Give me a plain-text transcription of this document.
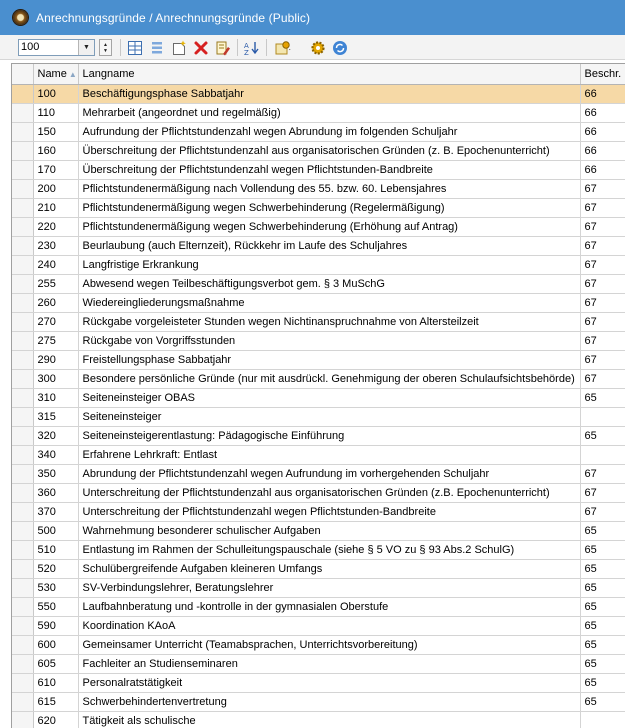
Anrechnungsgründe / Anrechnungsgründe (Public)
100	▼	▲
▼
A
Z
	Name ▲	Langname	Beschr.
	100	Beschäftigungsphase Sabbatjahr	66
	110	Mehrarbeit (angeordnet und regelmäßig)	66
	150	Aufrundung der Pflichtstundenzahl wegen Abrundung im folgenden Schuljahr	66
	160	Überschreitung der Pflichtstundenzahl aus organisatorischen Gründen (z. B. Epochenunterricht)	66
	170	Überschreitung der Pflichtstundenzahl wegen Pflichtstunden-Bandbreite	66
	200	Pflichtstundenermäßigung nach Vollendung des 55. bzw. 60. Lebensjahres	67
	210	Pflichtstundenermäßigung wegen Schwerbehinderung (Regelermäßigung)	67
	220	Pflichtstundenermäßigung wegen Schwerbehinderung (Erhöhung auf Antrag)	67
	230	Beurlaubung (auch Elternzeit), Rückkehr im Laufe des Schuljahres	67
	240	Langfristige Erkrankung	67
	255	Abwesend wegen Teilbeschäftigungsverbot gem. § 3 MuSchG	67
	260	Wiedereingliederungsmaßnahme	67
	270	Rückgabe vorgeleisteter Stunden wegen Nichtinanspruchnahme von Altersteilzeit	67
	275	Rückgabe von Vorgriffsstunden	67
	290	Freistellungsphase Sabbatjahr	67
	300	Besondere persönliche Gründe (nur mit ausdrückl. Genehmigung der oberen Schulaufsichtsbehörde)	67
	310	Seiteneinsteiger OBAS	65
	315	Seiteneinsteiger	
	320	Seiteneinsteigerentlastung: Pädagogische Einführung	65
	340	Erfahrene Lehrkraft: Entlast	
	350	Abrundung der Pflichtstundenzahl wegen Aufrundung im vorhergehenden Schuljahr	67
	360	Unterschreitung der Pflichtstundenzahl aus organisatorischen Gründen (z.B. Epochenunterricht)	67
	370	Unterschreitung der Pflichtstundenzahl wegen Pflichtstunden-Bandbreite	67
	500	Wahrnehmung besonderer schulischer Aufgaben	65
	510	Entlastung im Rahmen der Schulleitungspauschale (siehe § 5 VO zu § 93 Abs.2 SchulG)	65
	520	Schulübergreifende Aufgaben kleineren Umfangs	65
	530	SV-Verbindungslehrer, Beratungslehrer	65
	550	Laufbahnberatung und -kontrolle in der gymnasialen Oberstufe	65
	590	Koordination KAoA	65
	600	Gemeinsamer Unterricht (Teamabsprachen, Unterrichtsvorbereitung)	65
	605	Fachleiter an Studienseminaren	65
	610	Personalratstätigkeit	65
	615	Schwerbehindertenvertretung	65
	620	Tätigkeit als schulische	
